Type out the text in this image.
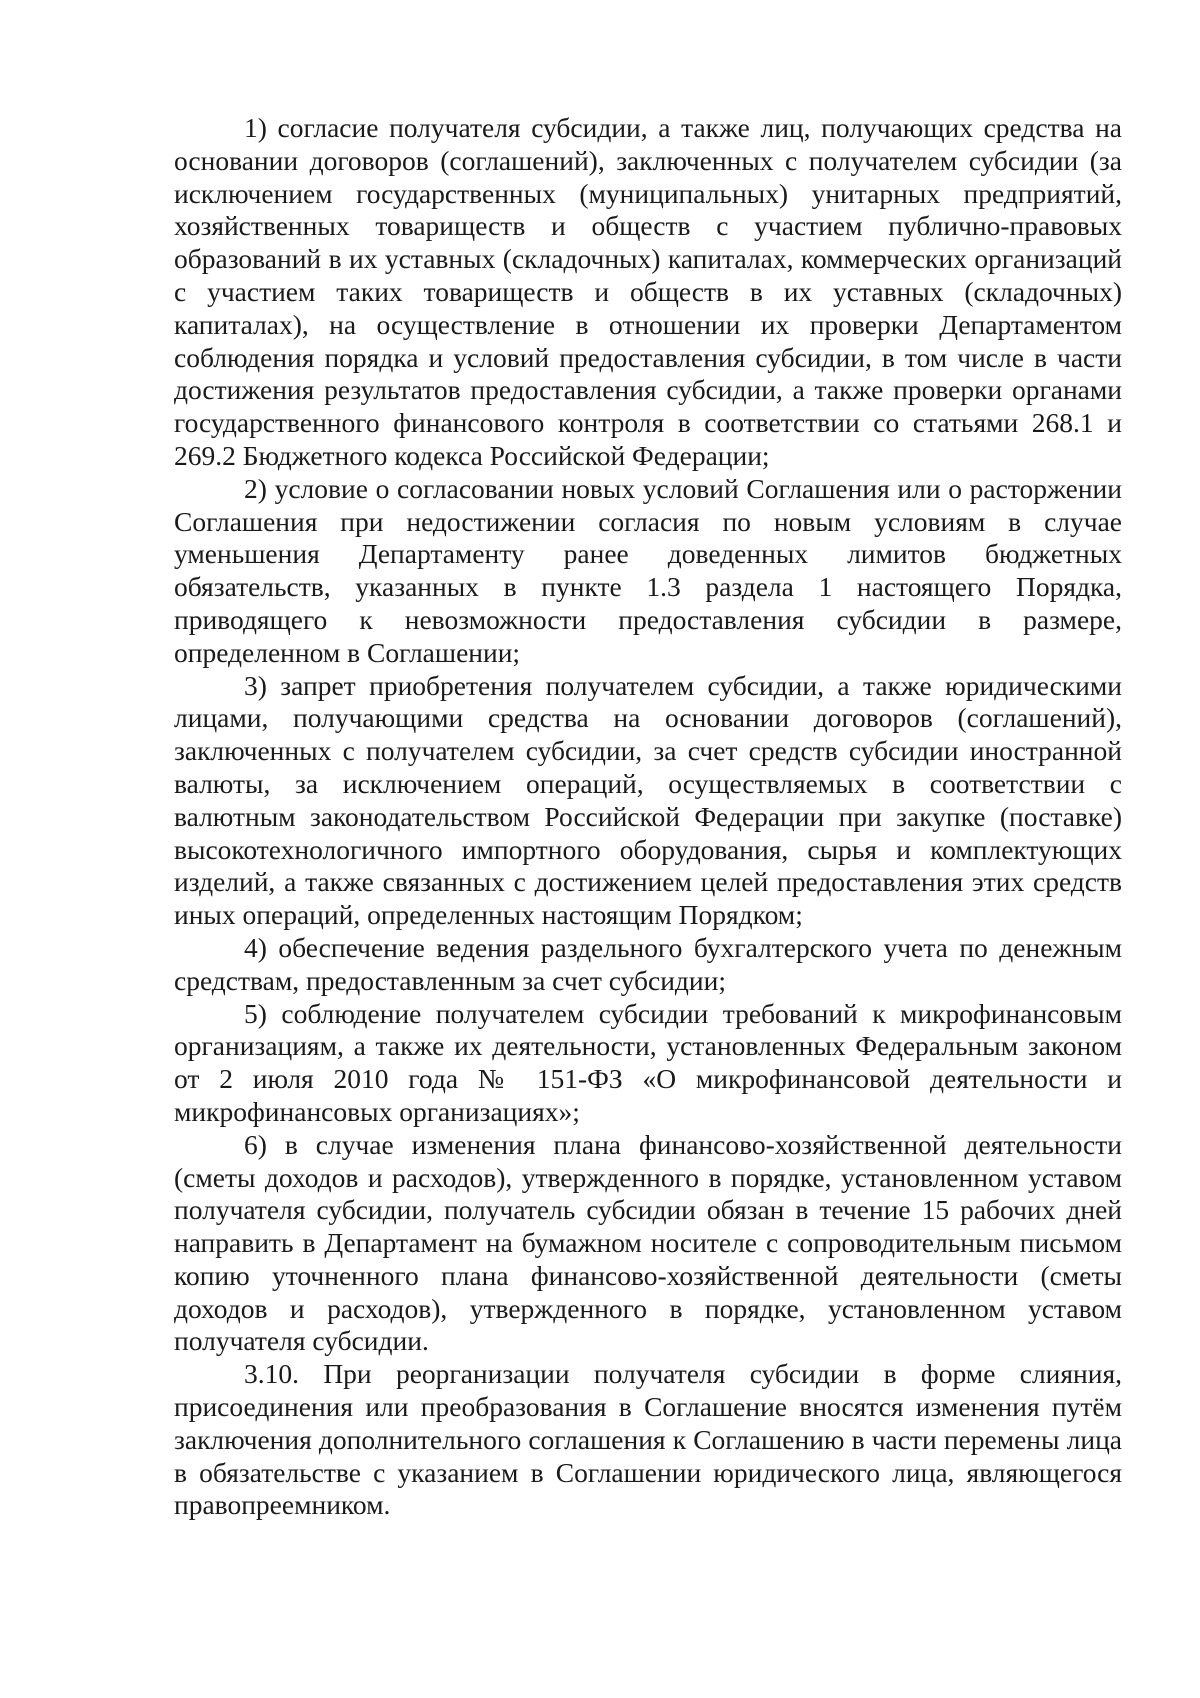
1) согласие получателя субсидии, а также лиц, получающих средства на основании договоров (соглашений), заключенных с получателем субсидии (за исключением государственных (муниципальных) унитарных предприятий, хозяйственных товариществ и обществ с участием публично-правовых образований в их уставных (складочных) капиталах, коммерческих организаций с участием таких товариществ и обществ в их уставных (складочных) капиталах), на осуществление в отношении их проверки Департаментом соблюдения порядка и условий предоставления субсидии, в том числе в части достижения результатов предоставления субсидии, а также проверки органами государственного финансового контроля в соответствии со статьями 268.1 и 269.2 Бюджетного кодекса Российской Федерации;

2) условие о согласовании новых условий Соглашения или о расторжении Соглашения при недостижении согласия по новым условиям в случае уменьшения Департаменту ранее доведенных лимитов бюджетных обязательств, указанных в пункте 1.3 раздела 1 настоящего Порядка, приводящего к невозможности предоставления субсидии в размере, определенном в Соглашении;

3) запрет приобретения получателем субсидии, а также юридическими лицами, получающими средства на основании договоров (соглашений), заключенных с получателем субсидии, за счет средств субсидии иностранной валюты, за исключением операций, осуществляемых в соответствии с валютным законодательством Российской Федерации при закупке (поставке) высокотехнологичного импортного оборудования, сырья и комплектующих изделий, а также связанных с достижением целей предоставления этих средств иных операций, определенных настоящим Порядком;

4) обеспечение ведения раздельного бухгалтерского учета по денежным средствам, предоставленным за счет субсидии;

5) соблюдение получателем субсидии требований к микрофинансовым организациям, а также их деятельности, установленных Федеральным законом от 2 июля 2010 года № 151-ФЗ «О микрофинансовой деятельности и микрофинансовых организациях»;

6) в случае изменения плана финансово-хозяйственной деятельности (сметы доходов и расходов), утвержденного в порядке, установленном уставом получателя субсидии, получатель субсидии обязан в течение 15 рабочих дней направить в Департамент на бумажном носителе с сопроводительным письмом копию уточненного плана финансово-хозяйственной деятельности (сметы доходов и расходов), утвержденного в порядке, установленном уставом получателя субсидии.

3.10. При реорганизации получателя субсидии в форме слияния, присоединения или преобразования в Соглашение вносятся изменения путём заключения дополнительного соглашения к Соглашению в части перемены лица в обязательстве с указанием в Соглашении юридического лица, являющегося правопреемником.
